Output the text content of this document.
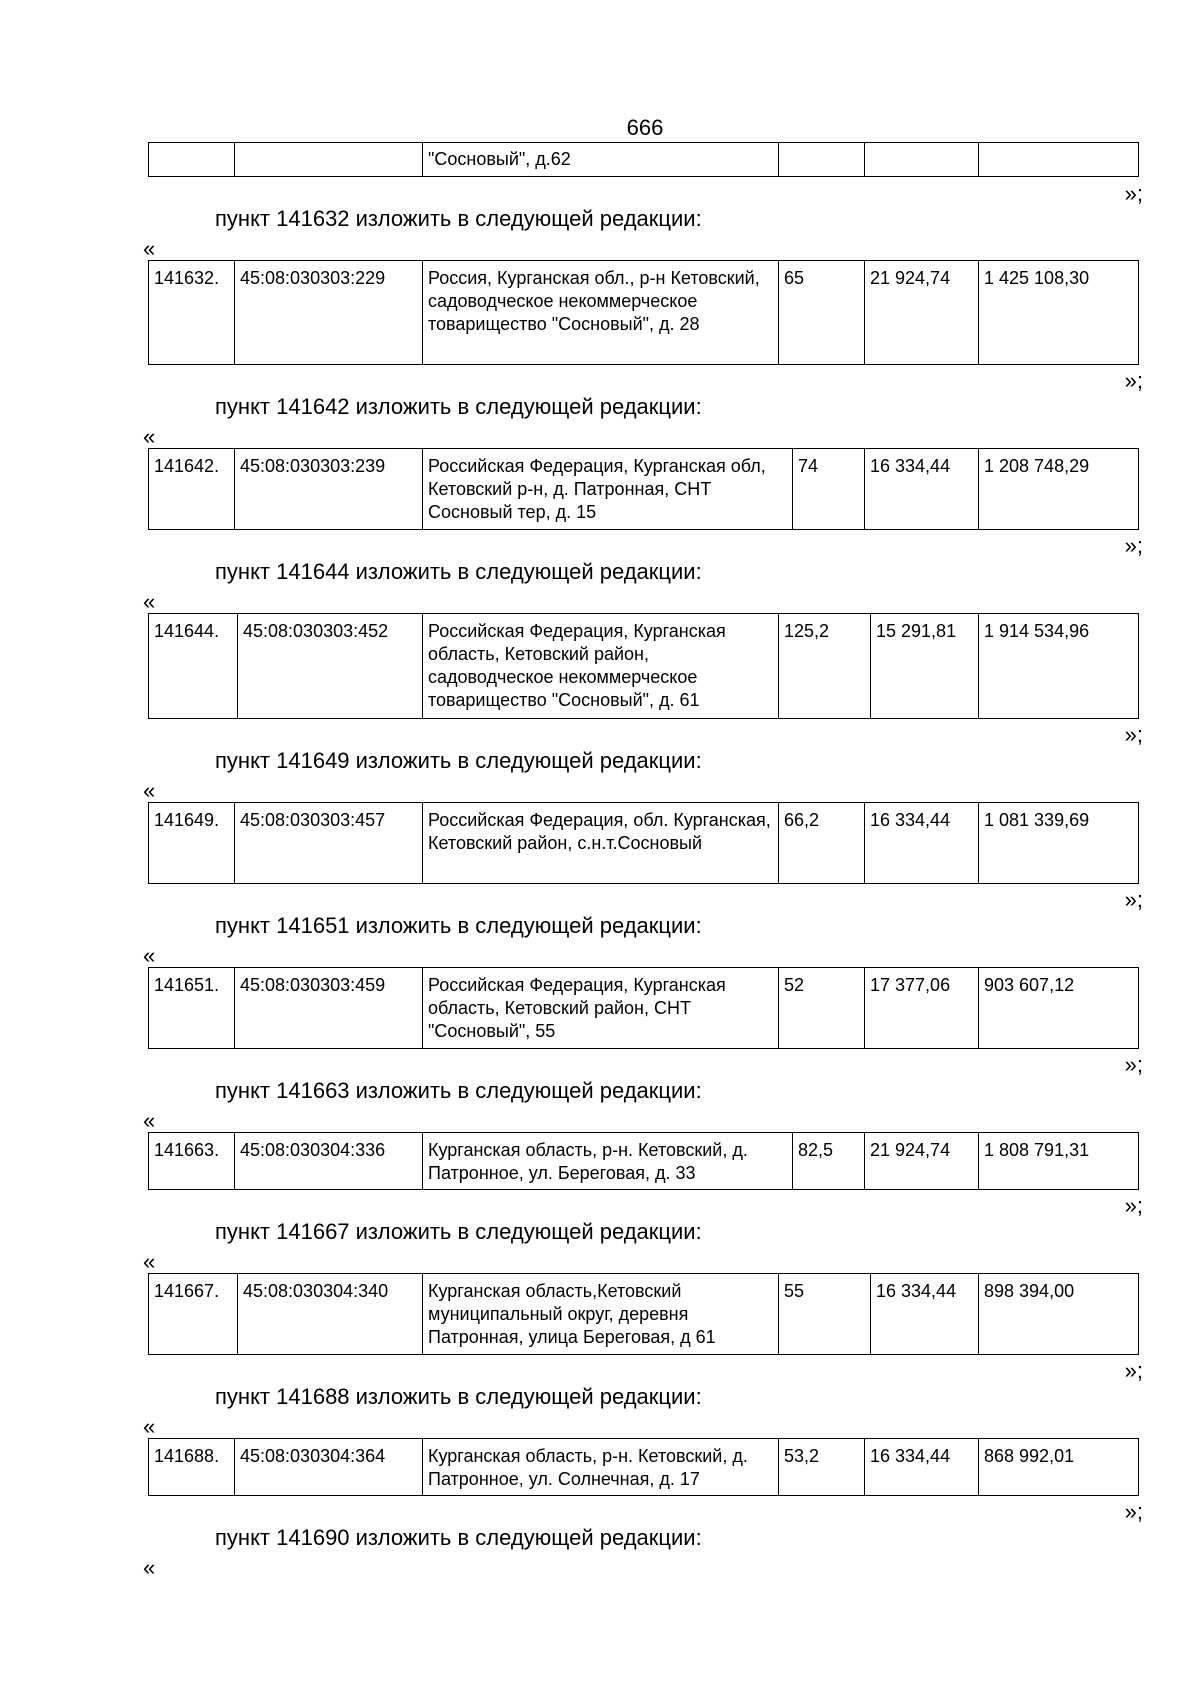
666
		"Сосновый", д.62			
»;
пункт 141632 изложить в следующей редакции:
«
141632.	45:08:030303:229	Россия, Курганская обл., р-н Кетовский, садоводческое некоммерческое товарищество "Сосновый", д. 28	65	21 924,74	1 425 108,30
»;
пункт 141642 изложить в следующей редакции:
«
141642.	45:08:030303:239	Российская Федерация, Курганская обл, Кетовский р-н, д. Патронная, СНТ Сосновый тер, д. 15	74	16 334,44	1 208 748,29
»;
пункт 141644 изложить в следующей редакции:
«
141644.	45:08:030303:452	Российская Федерация, Курганская область, Кетовский район, садоводческое некоммерческое товарищество "Сосновый", д. 61	125,2	15 291,81	1 914 534,96
»;
пункт 141649 изложить в следующей редакции:
«
141649.	45:08:030303:457	Российская Федерация, обл. Курганская, Кетовский район, с.н.т.Сосновый	66,2	16 334,44	1 081 339,69
»;
пункт 141651 изложить в следующей редакции:
«
141651.	45:08:030303:459	Российская Федерация, Курганская область, Кетовский район, СНТ "Сосновый", 55	52	17 377,06	903 607,12
»;
пункт 141663 изложить в следующей редакции:
«
141663.	45:08:030304:336	Курганская область, р-н. Кетовский, д. Патронное, ул. Береговая, д. 33	82,5	21 924,74	1 808 791,31
»;
пункт 141667 изложить в следующей редакции:
«
141667.	45:08:030304:340	Курганская область,Кетовский муниципальный округ, деревня Патронная, улица Береговая, д 61	55	16 334,44	898 394,00
»;
пункт 141688 изложить в следующей редакции:
«
141688.	45:08:030304:364	Курганская область, р-н. Кетовский, д. Патронное, ул. Солнечная, д. 17	53,2	16 334,44	868 992,01
»;
пункт 141690 изложить в следующей редакции:
«
